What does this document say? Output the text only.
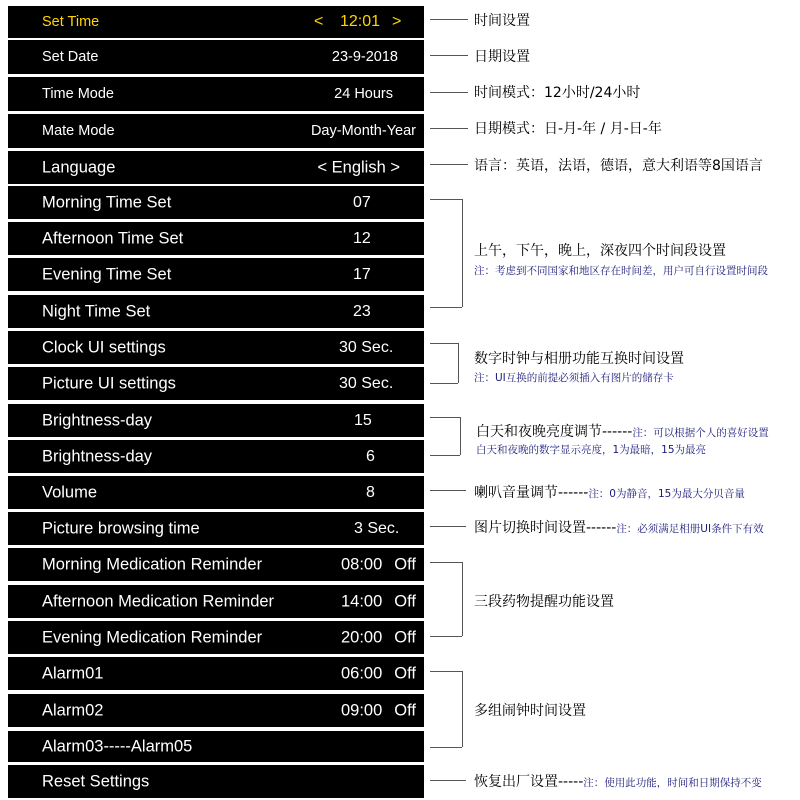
Set Time	< 12:01 >
Set Date	23-9-2018
Time Mode	24 Hours
Mate Mode	Day-Month-Year
Language	< English >
Morning Time Set	07
Afternoon Time Set	12
Evening Time Set	17
Night Time Set	23
Clock UI settings	30 Sec.
Picture UI settings	30 Sec.
Brightness-day	15
Brightness-day	6
Volume	8
Picture browsing time	3 Sec.
Morning Medication Reminder	08:00 Off
Afternoon Medication Reminder	14:00 Off
Evening Medication Reminder	20:00 Off
Alarm01	06:00 Off
Alarm02	09:00 Off
Alarm03-----Alarm05
Reset Settings
时间设置
日期设置
时间模式：12小时/24小时
日期模式：日-月-年 / 月-日-年
语言：英语，法语，德语，意大利语等8国语言
上午，下午，晚上，深夜四个时间段设置
注：考虑到不同国家和地区存在时间差，用户可自行设置时间段
数字时钟与相册功能互换时间设置
注：UI互换的前提必须插入有图片的储存卡
白天和夜晚亮度调节------注：可以根据个人的喜好设置
白天和夜晚的数字显示亮度，1为最暗，15为最亮
喇叭音量调节------注：0为静音，15为最大分贝音量
图片切换时间设置------注：必须满足相册UI条件下有效
三段药物提醒功能设置
多组闹钟时间设置
恢复出厂设置-----注：使用此功能，时间和日期保持不变
